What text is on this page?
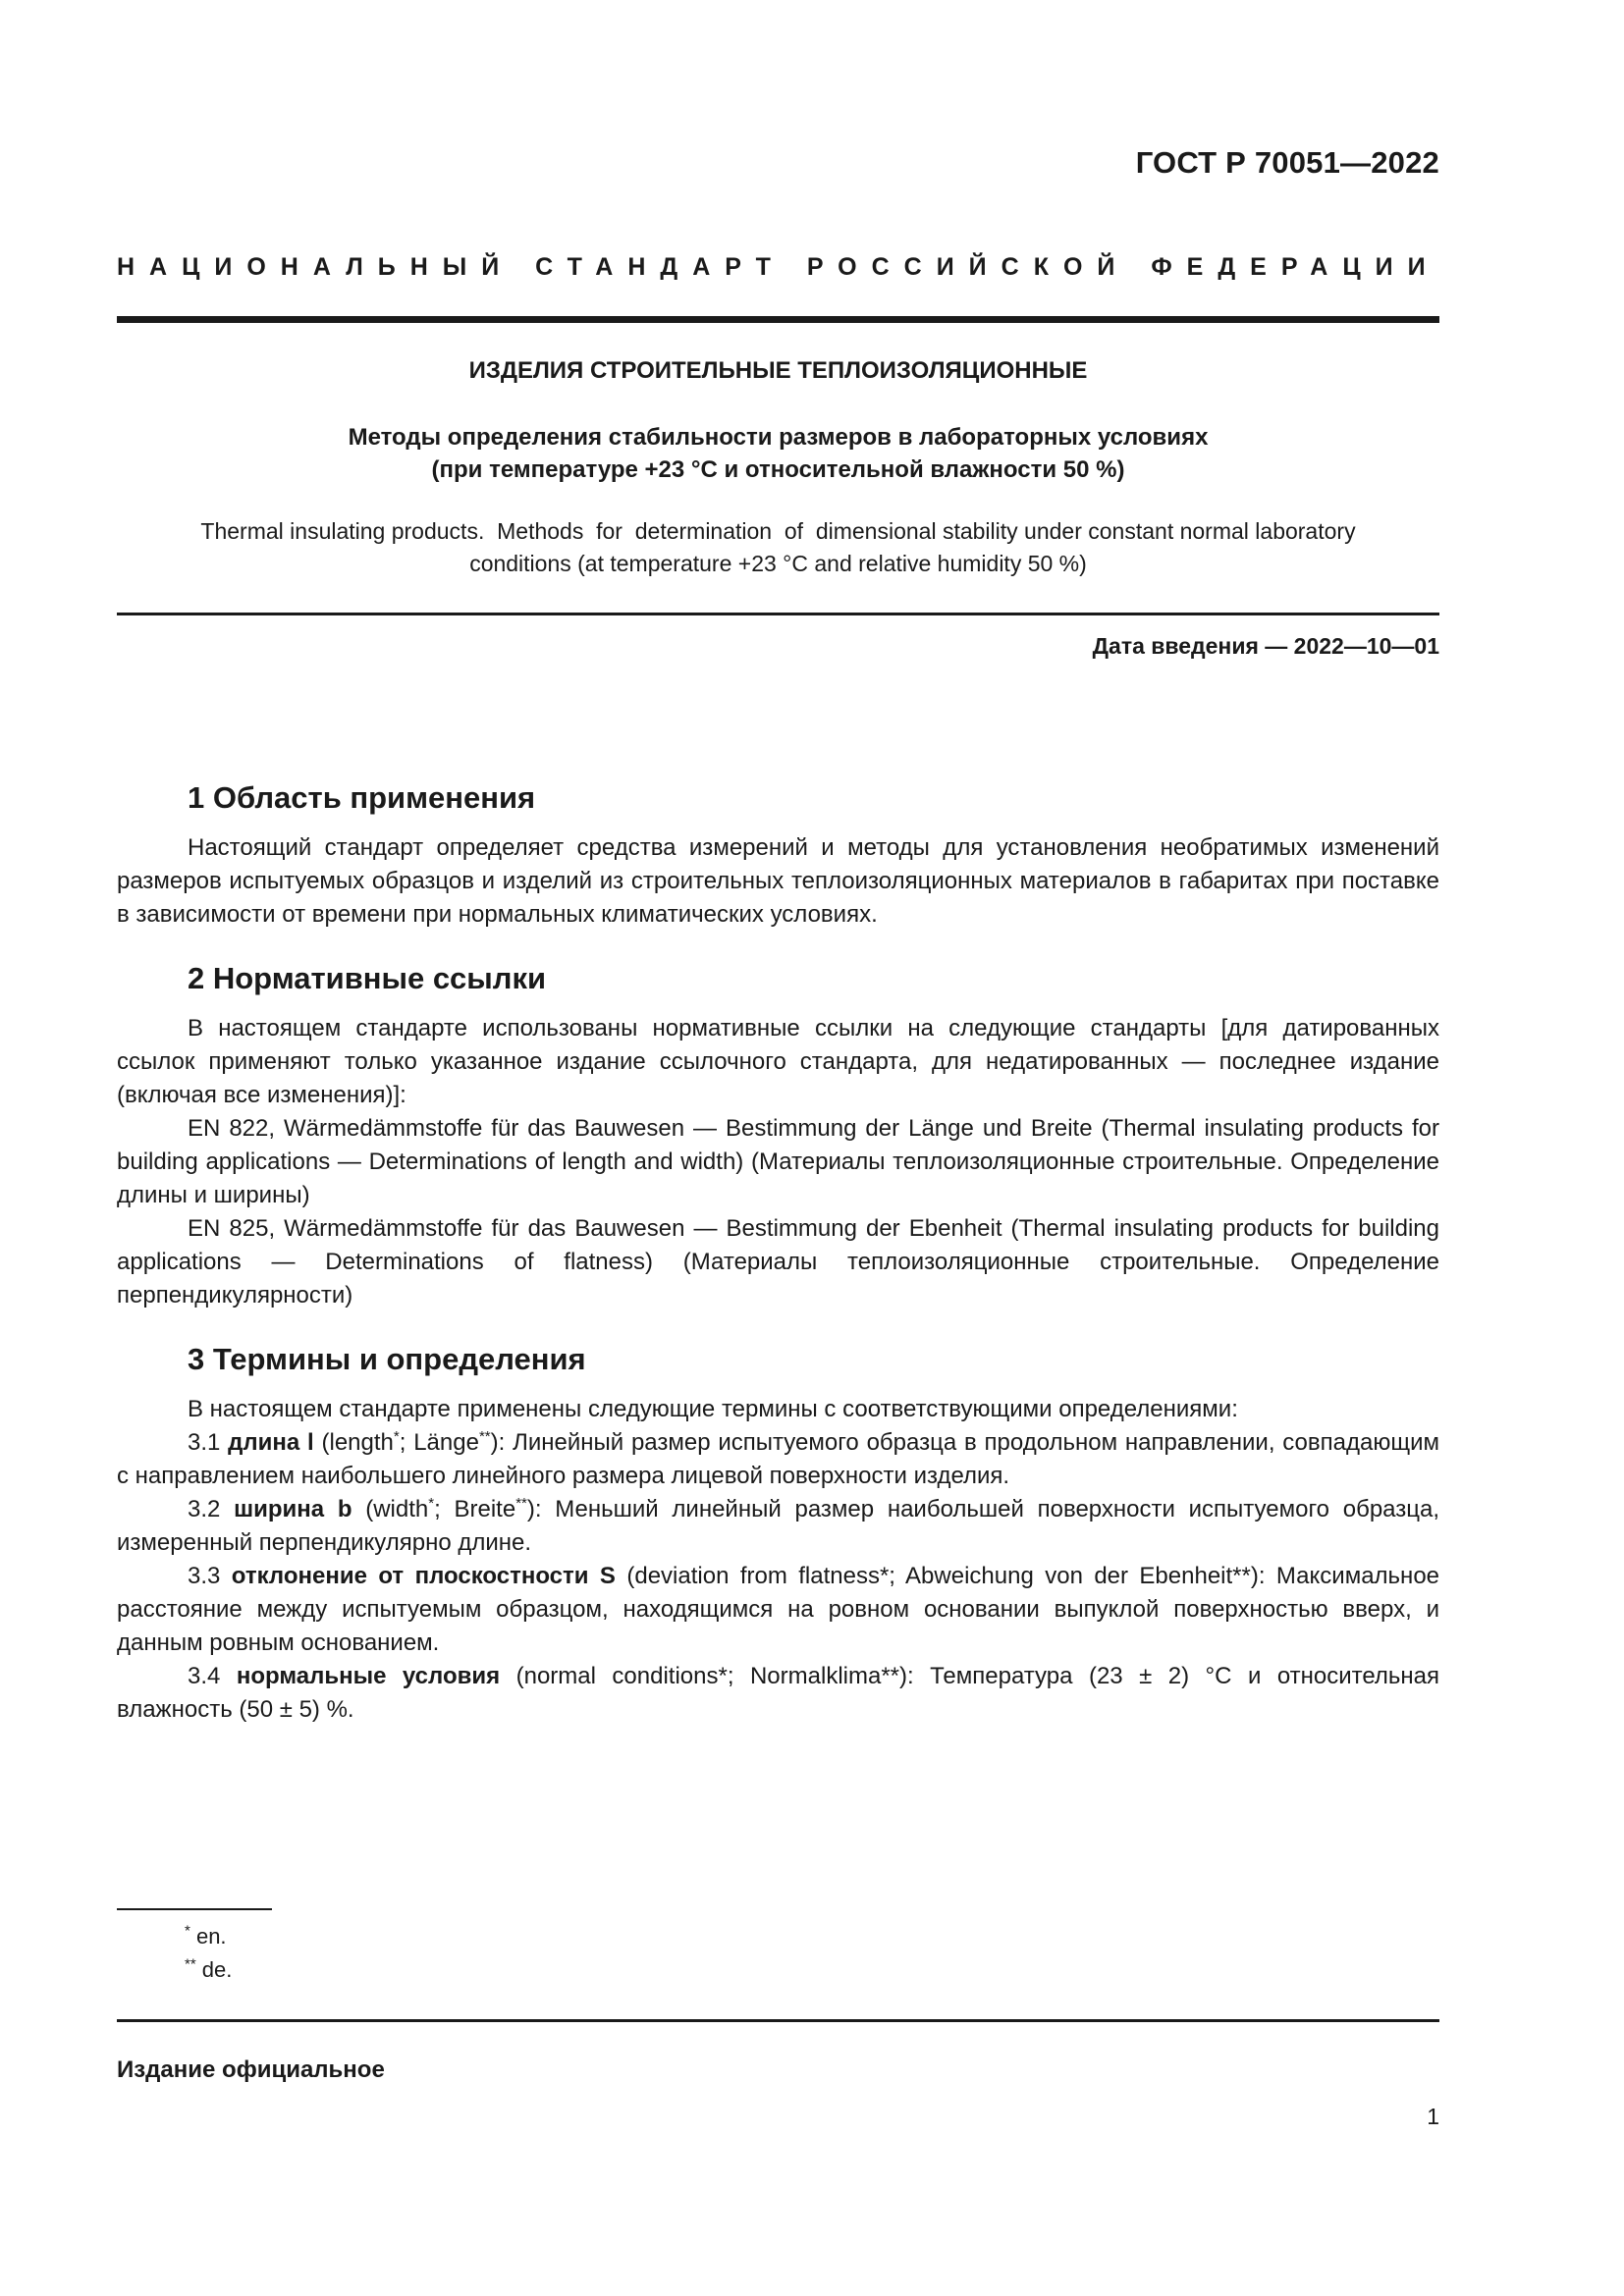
ГОСТ Р 70051—2022
НАЦИОНАЛЬНЫЙ СТАНДАРТ РОССИЙСКОЙ ФЕДЕРАЦИИ
ИЗДЕЛИЯ СТРОИТЕЛЬНЫЕ ТЕПЛОИЗОЛЯЦИОННЫЕ
Методы определения стабильности размеров в лабораторных условиях
(при температуре +23 °С и относительной влажности 50 %)
Thermal insulating products.  Methods  for  determination  of  dimensional stability under constant normal laboratory
conditions (at temperature +23 °C and relative humidity 50 %)
Дата введения — 2022—10—01
1 Область применения

Настоящий стандарт определяет средства измерений и методы для установления необратимых изменений размеров испытуемых образцов и изделий из строительных теплоизоляционных материалов в габаритах при поставке в зависимости от времени при нормальных климатических условиях.

2 Нормативные ссылки

В настоящем стандарте использованы нормативные ссылки на следующие стандарты [для датированных ссылок применяют только указанное издание ссылочного стандарта, для недатированных — последнее издание (включая все изменения)]:

EN 822, Wärmedämmstoffe für das Bauwesen — Bestimmung der Länge und Breite (Thermal insulating products for building applications — Determinations of length and width) (Материалы теплоизоляционные строительные. Определение длины и ширины)

EN 825, Wärmedämmstoffe für das Bauwesen — Bestimmung der Ebenheit (Thermal insulating products for building applications — Determinations of flatness) (Материалы теплоизоляционные строительные. Определение перпендикулярности)

3 Термины и определения

В настоящем стандарте применены следующие термины с соответствующими определениями:

3.1 длина l (length*; Länge**): Линейный размер испытуемого образца в продольном направлении, совпадающим с направлением наибольшего линейного размера лицевой поверхности изделия.

3.2 ширина b (width*; Breite**): Меньший линейный размер наибольшей поверхности испытуемого образца, измеренный перпендикулярно длине.

3.3 отклонение от плоскостности S (deviation from flatness*; Abweichung von der Ebenheit**): Максимальное расстояние между испытуемым образцом, находящимся на ровном основании выпуклой поверхностью вверх, и данным ровным основанием.

3.4 нормальные условия (normal conditions*; Normalklima**): Температура (23 ± 2) °С и относительная влажность (50 ± 5) %.

* en.
** de.
Издание официальное
1
